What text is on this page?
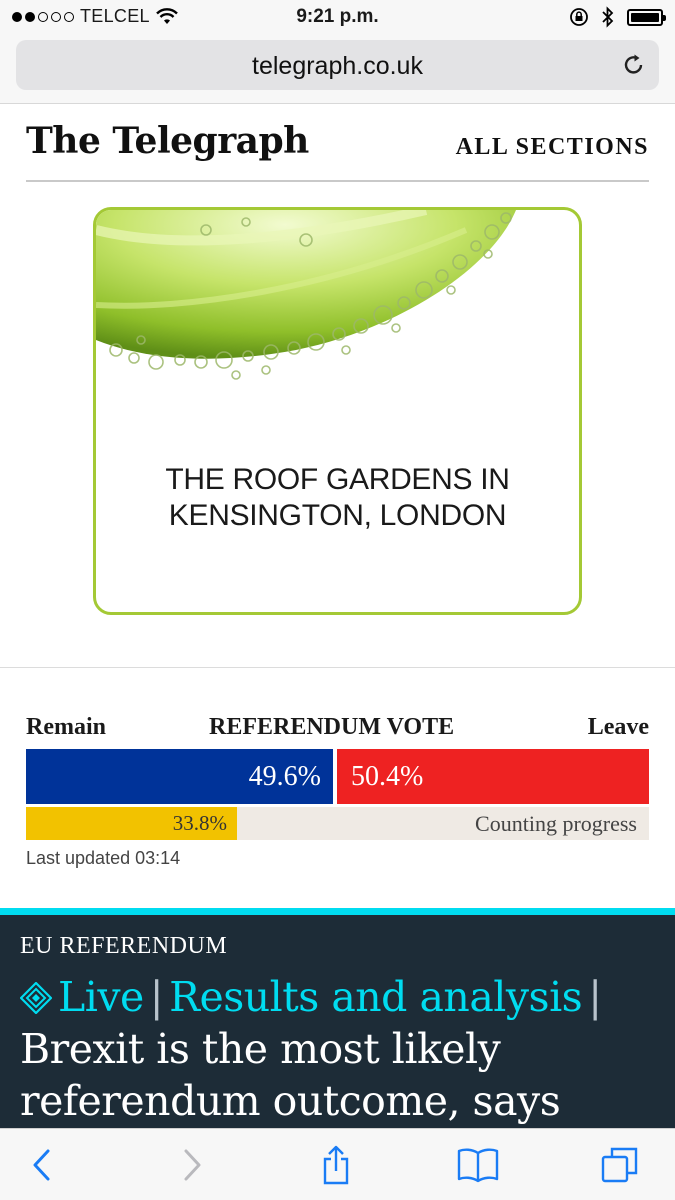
TELCEL	9:21 p.m.
telegraph.co.uk
The Telegraph	ALL SECTIONS
THE ROOF GARDENS IN
KENSINGTON, LONDON
Remain	REFERENDUM VOTE	Leave
49.6%	50.4%
33.8%	Counting progress
Last updated 03:14
EU REFERENDUM
Live | Results and analysis |
Brexit is the most likely
referendum outcome, says
